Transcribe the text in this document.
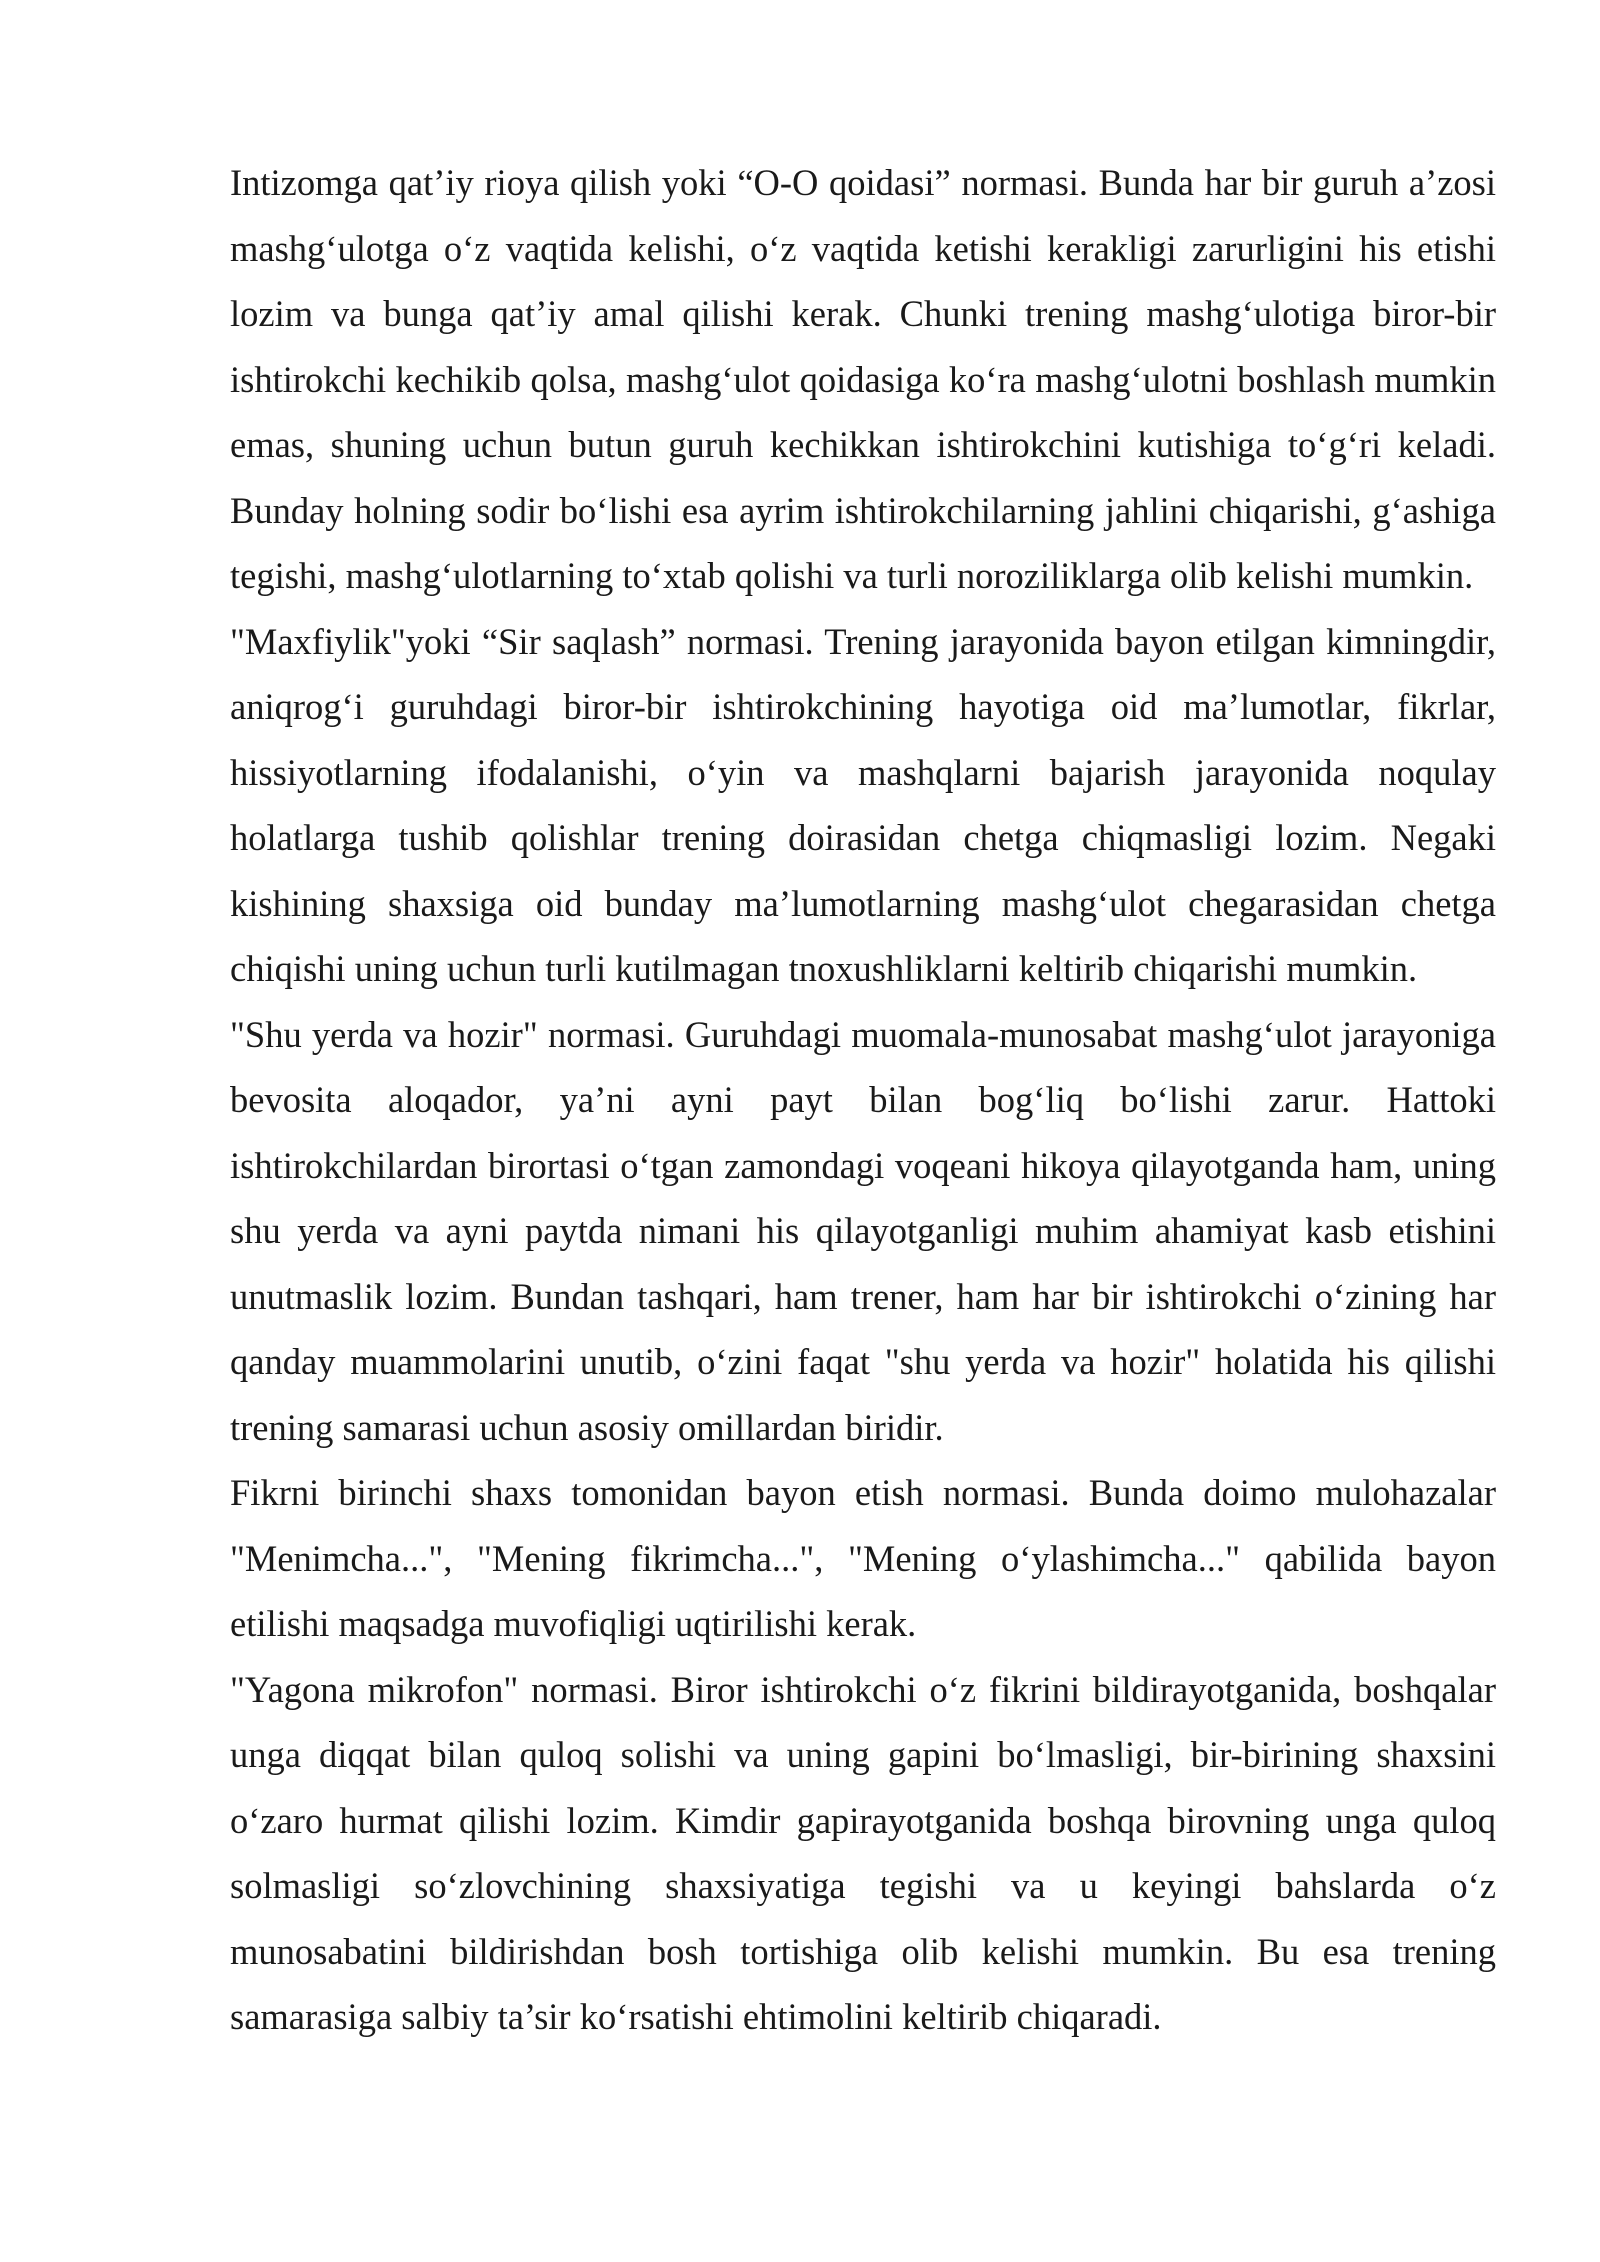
Intizomga qat’iy rioya qilish yoki “O-O qoidasi” normasi. Bunda har bir guruh a’zosi mashg‘ulotga o‘z vaqtida kelishi, o‘z vaqtida ketishi kerakligi zarurligini his etishi lozim va bunga qat’iy amal qilishi kerak. Chunki trening mashg‘ulotiga biror-bir ishtirokchi kechikib qolsa, mashg‘ulot qoidasiga ko‘ra mashg‘ulotni boshlash mumkin emas, shuning uchun butun guruh kechikkan ishtirokchini kutishiga to‘g‘ri keladi. Bunday holning sodir bo‘lishi esa ayrim ishtirokchilarning jahlini chiqarishi, g‘ashiga tegishi, mashg‘ulotlarning to‘xtab qolishi va turli noroziliklarga olib kelishi mumkin.

"Maxfiylik"yoki “Sir saqlash” normasi. Trening jarayonida bayon etilgan kimningdir, aniqrog‘i guruhdagi biror-bir ishtirokchining hayotiga oid ma’lumotlar, fikrlar, hissiyotlarning ifodalanishi, o‘yin va mashqlarni bajarish jarayonida noqulay holatlarga tushib qolishlar trening doirasidan chetga chiqmasligi lozim. Negaki kishining shaxsiga oid bunday ma’lumotlarning mashg‘ulot chegarasidan chetga chiqishi uning uchun turli kutilmagan tnoxushliklarni keltirib chiqarishi mumkin.

"Shu yerda va hozir" normasi. Guruhdagi muomala-munosabat mashg‘ulot jarayoniga bevosita aloqador, ya’ni ayni payt bilan bog‘liq bo‘lishi zarur. Hattoki ishtirokchilardan birortasi o‘tgan zamondagi voqeani hikoya qilayotganda ham, uning shu yerda va ayni paytda nimani his qilayotganligi muhim ahamiyat kasb etishini unutmaslik lozim. Bundan tashqari, ham trener, ham har bir ishtirokchi o‘zining har qanday muammolarini unutib, o‘zini faqat "shu yerda va hozir" holatida his qilishi trening samarasi uchun asosiy omillardan biridir.

Fikrni birinchi shaxs tomonidan bayon etish normasi. Bunda doimo mulohazalar "Menimcha...", "Mening fikrimcha...", "Mening o‘ylashimcha..." qabilida bayon etilishi maqsadga muvofiqligi uqtirilishi kerak.

"Yagona mikrofon" normasi. Biror ishtirokchi o‘z fikrini bildirayotganida, boshqalar unga diqqat bilan quloq solishi va uning gapini bo‘lmasligi, bir-birining shaxsini o‘zaro hurmat qilishi lozim. Kimdir gapirayotganida boshqa birovning unga quloq solmasligi so‘zlovchining shaxsiyatiga tegishi va u keyingi bahslarda o‘z munosabatini bildirishdan bosh tortishiga olib kelishi mumkin. Bu esa trening samarasiga salbiy ta’sir ko‘rsatishi ehtimolini keltirib chiqaradi.
